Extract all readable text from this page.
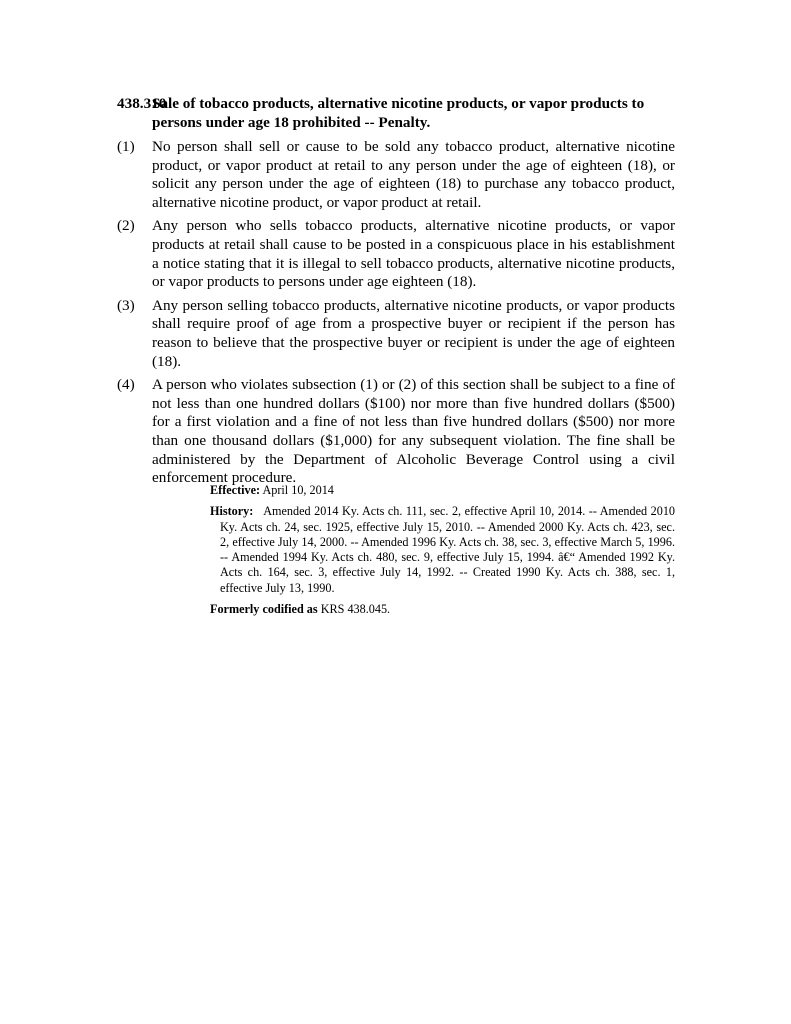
438.310
Sale of tobacco products, alternative nicotine products, or vapor products to persons under age 18 prohibited -- Penalty.
(1) No person shall sell or cause to be sold any tobacco product, alternative nicotine product, or vapor product at retail to any person under the age of eighteen (18), or solicit any person under the age of eighteen (18) to purchase any tobacco product, alternative nicotine product, or vapor product at retail.
(2) Any person who sells tobacco products, alternative nicotine products, or vapor products at retail shall cause to be posted in a conspicuous place in his establishment a notice stating that it is illegal to sell tobacco products, alternative nicotine products, or vapor products to persons under age eighteen (18).
(3) Any person selling tobacco products, alternative nicotine products, or vapor products shall require proof of age from a prospective buyer or recipient if the person has reason to believe that the prospective buyer or recipient is under the age of eighteen (18).
(4) A person who violates subsection (1) or (2) of this section shall be subject to a fine of not less than one hundred dollars ($100) nor more than five hundred dollars ($500) for a first violation and a fine of not less than five hundred dollars ($500) nor more than one thousand dollars ($1,000) for any subsequent violation. The fine shall be administered by the Department of Alcoholic Beverage Control using a civil enforcement procedure.
Effective: April 10, 2014
History: Amended 2014 Ky. Acts ch. 111, sec. 2, effective April 10, 2014. -- Amended 2010 Ky. Acts ch. 24, sec. 1925, effective July 15, 2010. -- Amended 2000 Ky. Acts ch. 423, sec. 2, effective July 14, 2000. -- Amended 1996 Ky. Acts ch. 38, sec. 3, effective March 5, 1996. -- Amended 1994 Ky. Acts ch. 480, sec. 9, effective July 15, 1994. â€“ Amended 1992 Ky. Acts ch. 164, sec. 3, effective July 14, 1992. -- Created 1990 Ky. Acts ch. 388, sec. 1, effective July 13, 1990.
Formerly codified as KRS 438.045.
